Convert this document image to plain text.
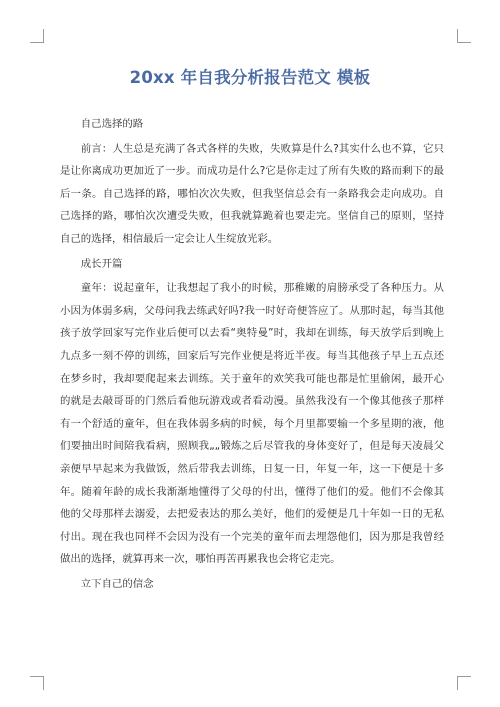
20xx 年自我分析报告范文 模板

自己选择的路

前言：人生总是充满了各式各样的失败，失败算是什么?其实什么也不算，它只是让你离成功更加近了一步。而成功是什么?它是你走过了所有失败的路而剩下的最后一条。自己选择的路，哪怕次次失败，但我坚信总会有一条路我会走向成功。自己选择的路，哪怕次次遭受失败，但我就算跪着也要走完。坚信自己的原则，坚持自己的选择，相信最后一定会让人生绽放光彩。

成长开篇

童年：说起童年，让我想起了我小的时候，那稚嫩的肩膀承受了各种压力。从小因为体弱多病，父母问我去练武好吗?我一时好奇便答应了。从那时起，每当其他孩子放学回家写完作业后便可以去看“奥特曼”时，我却在训练，每天放学后到晚上九点多一刻不停的训练，回家后写完作业便是将近半夜。每当其他孩子早上五点还在梦乡时，我却要爬起来去训练。关于童年的欢笑我可能也都是忙里偷闲，最开心的就是去敲哥哥的门然后看他玩游戏或者看动漫。虽然我没有一个像其他孩子那样有一个舒适的童年，但在我体弱多病的时候，每个月里都要输一个多星期的液，他们要抽出时间陪我看病，照顾我„„锻炼之后尽管我的身体变好了，但是每天凌晨父亲便早早起来为我做饭，然后带我去训练，日复一日，年复一年，这一下便是十多年。随着年龄的成长我渐渐地懂得了父母的付出，懂得了他们的爱。他们不会像其他的父母那样去溺爱，去把爱表达的那么美好，他们的爱便是几十年如一日的无私付出。现在我也同样不会因为没有一个完美的童年而去埋怨他们，因为那是我曾经做出的选择，就算再来一次，哪怕再苦再累我也会将它走完。

立下自己的信念
